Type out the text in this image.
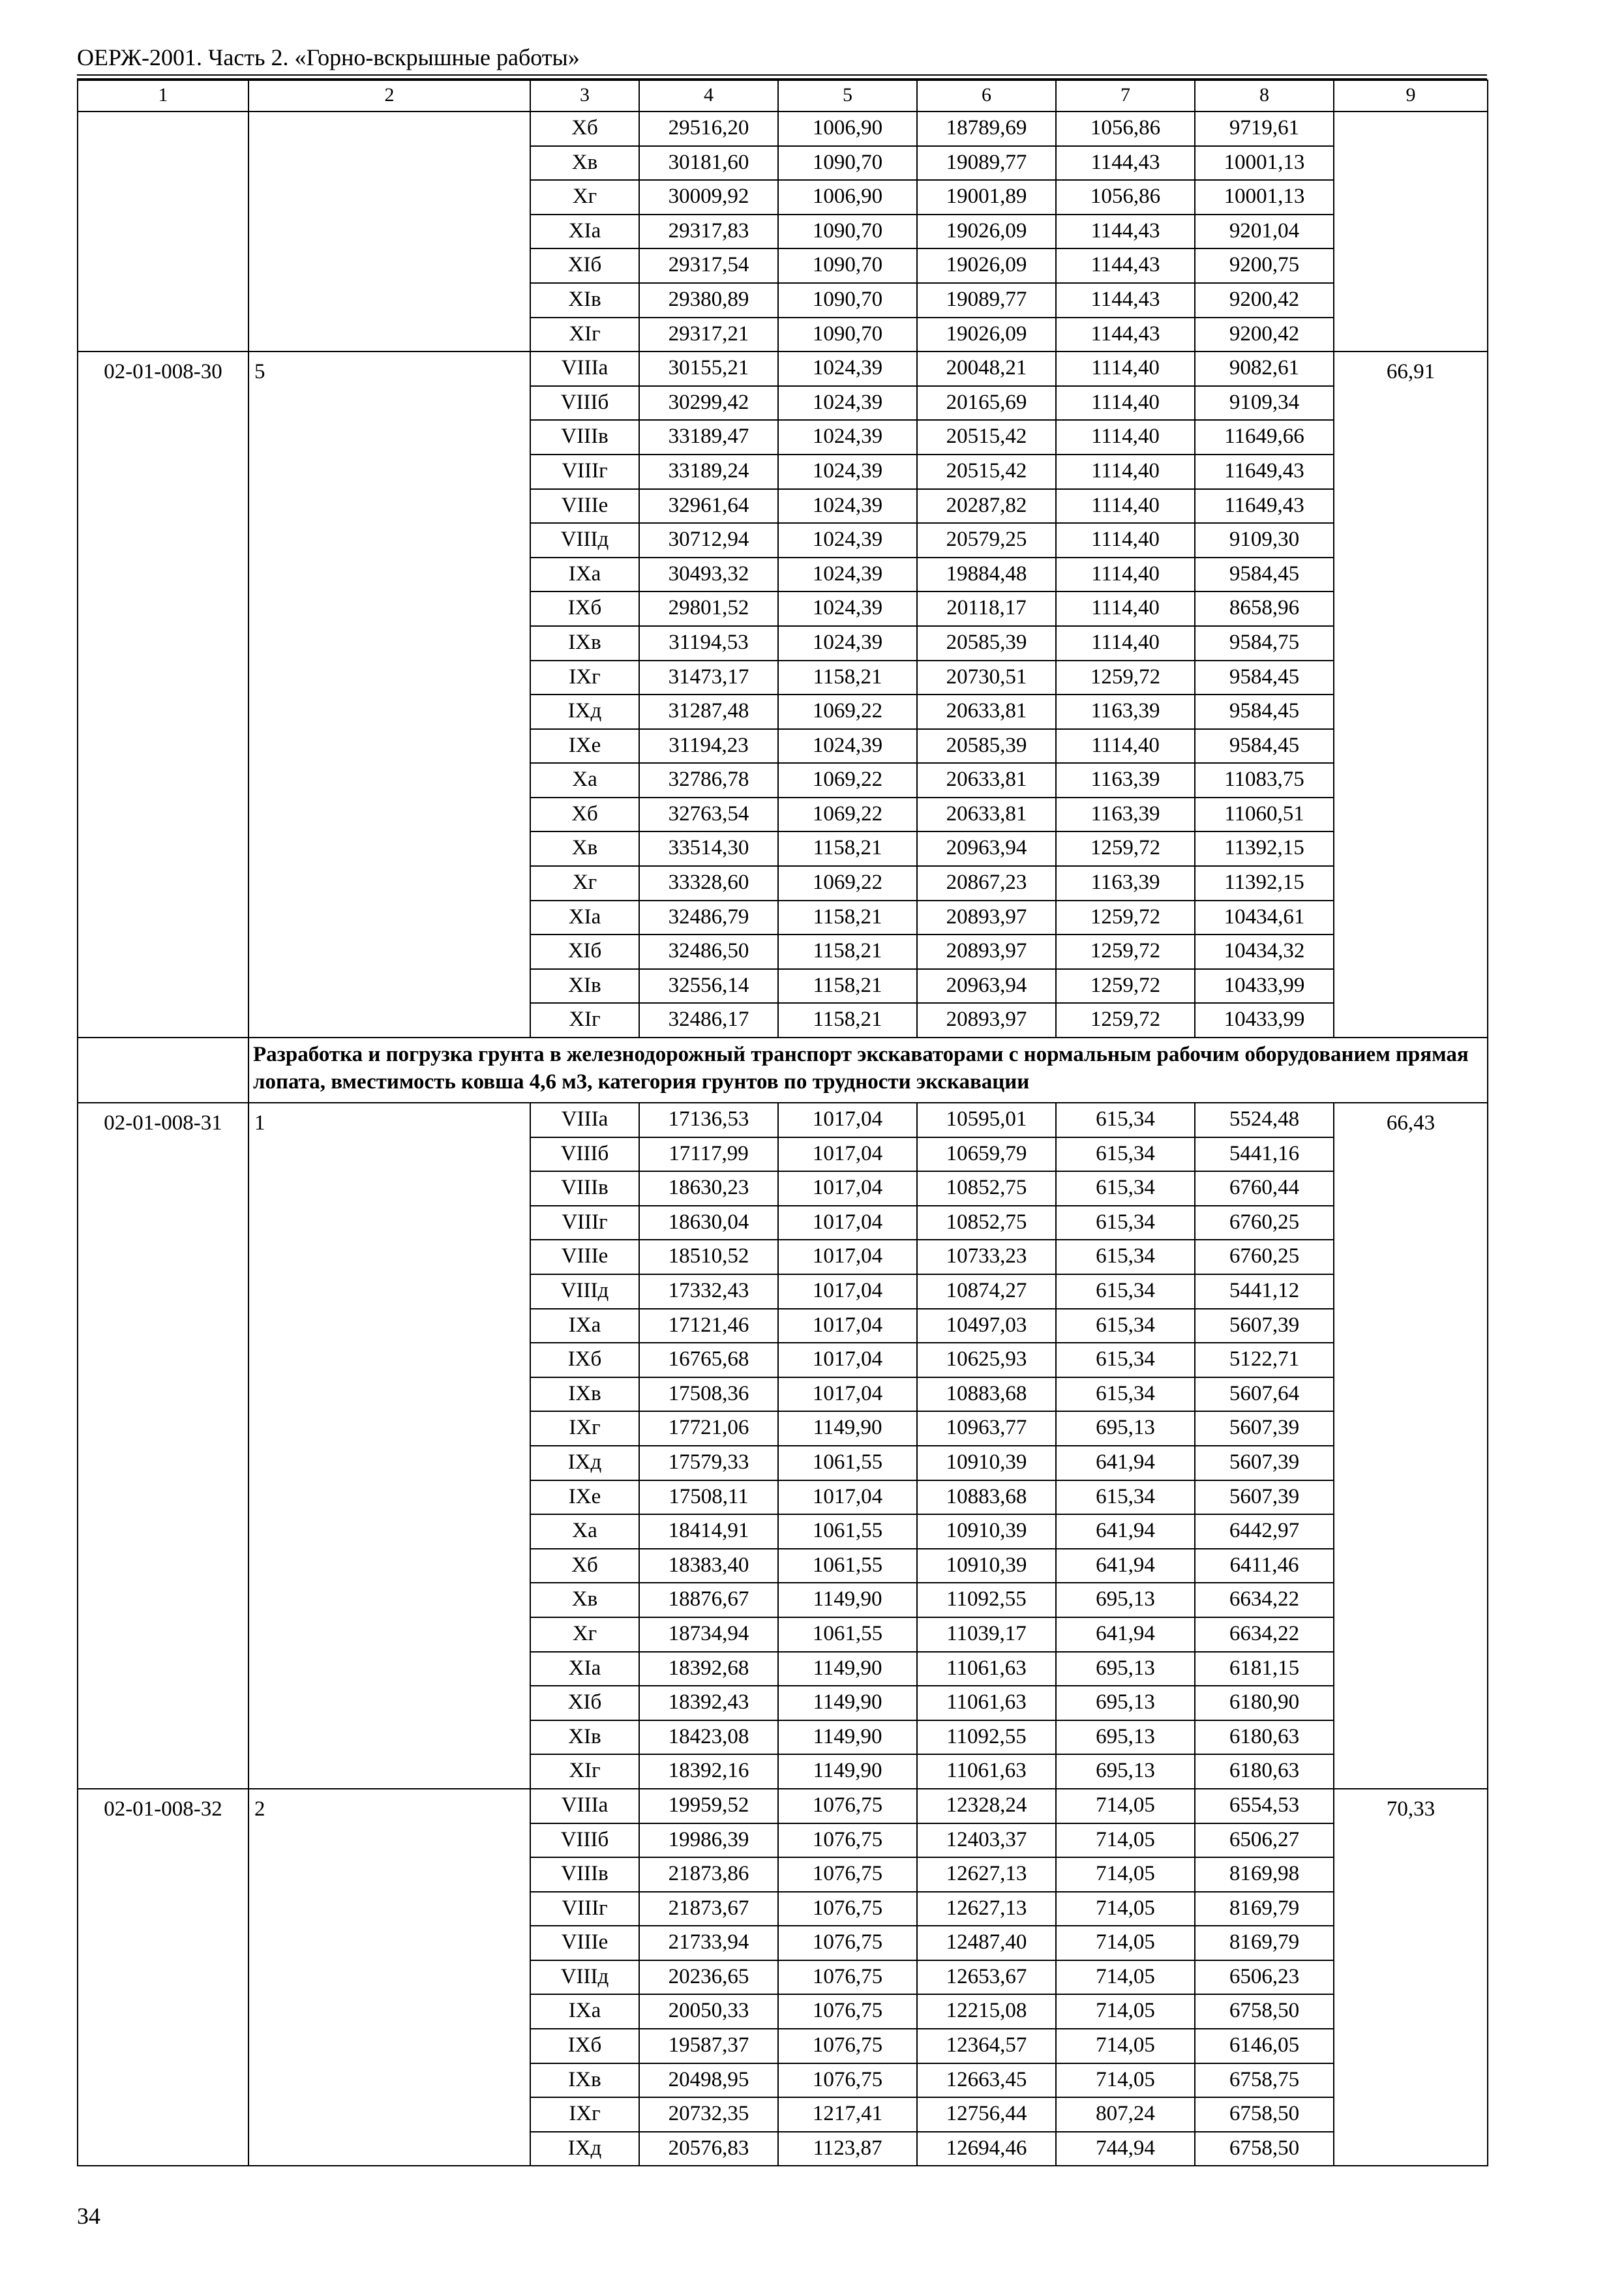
ОЕРЖ-2001. Часть 2. «Горно-вскрышные работы»
1	2	3	4	5	6	7	8	9
		Хб	29516,20	1006,90	18789,69	1056,86	9719,61	
		Хв	30181,60	1090,70	19089,77	1144,43	10001,13	
		Хг	30009,92	1006,90	19001,89	1056,86	10001,13	
		XIа	29317,83	1090,70	19026,09	1144,43	9201,04	
		XIб	29317,54	1090,70	19026,09	1144,43	9200,75	
		XIв	29380,89	1090,70	19089,77	1144,43	9200,42	
		XIг	29317,21	1090,70	19026,09	1144,43	9200,42	
02-01-008-30	5	VIIIа	30155,21	1024,39	20048,21	1114,40	9082,61	66,91
		VIIIб	30299,42	1024,39	20165,69	1114,40	9109,34	
		VIIIв	33189,47	1024,39	20515,42	1114,40	11649,66	
		VIIIг	33189,24	1024,39	20515,42	1114,40	11649,43	
		VIIIе	32961,64	1024,39	20287,82	1114,40	11649,43	
		VIIIд	30712,94	1024,39	20579,25	1114,40	9109,30	
		IXа	30493,32	1024,39	19884,48	1114,40	9584,45	
		IXб	29801,52	1024,39	20118,17	1114,40	8658,96	
		IXв	31194,53	1024,39	20585,39	1114,40	9584,75	
		IXг	31473,17	1158,21	20730,51	1259,72	9584,45	
		IXд	31287,48	1069,22	20633,81	1163,39	9584,45	
		IXе	31194,23	1024,39	20585,39	1114,40	9584,45	
		Ха	32786,78	1069,22	20633,81	1163,39	11083,75	
		Хб	32763,54	1069,22	20633,81	1163,39	11060,51	
		Хв	33514,30	1158,21	20963,94	1259,72	11392,15	
		Хг	33328,60	1069,22	20867,23	1163,39	11392,15	
		XIа	32486,79	1158,21	20893,97	1259,72	10434,61	
		XIб	32486,50	1158,21	20893,97	1259,72	10434,32	
		XIв	32556,14	1158,21	20963,94	1259,72	10433,99	
		XIг	32486,17	1158,21	20893,97	1259,72	10433,99	
	Разработка и погрузка грунта в железнодорожный транспорт экскаваторами с нормальным рабочим оборудованием прямая лопата, вместимость ковша 4,6 м3, категория грунтов по трудности экскавации							
02-01-008-31	1	VIIIа	17136,53	1017,04	10595,01	615,34	5524,48	66,43
		VIIIб	17117,99	1017,04	10659,79	615,34	5441,16	
		VIIIв	18630,23	1017,04	10852,75	615,34	6760,44	
		VIIIг	18630,04	1017,04	10852,75	615,34	6760,25	
		VIIIе	18510,52	1017,04	10733,23	615,34	6760,25	
		VIIIд	17332,43	1017,04	10874,27	615,34	5441,12	
		IXа	17121,46	1017,04	10497,03	615,34	5607,39	
		IXб	16765,68	1017,04	10625,93	615,34	5122,71	
		IXв	17508,36	1017,04	10883,68	615,34	5607,64	
		IXг	17721,06	1149,90	10963,77	695,13	5607,39	
		IXд	17579,33	1061,55	10910,39	641,94	5607,39	
		IXе	17508,11	1017,04	10883,68	615,34	5607,39	
		Ха	18414,91	1061,55	10910,39	641,94	6442,97	
		Хб	18383,40	1061,55	10910,39	641,94	6411,46	
		Хв	18876,67	1149,90	11092,55	695,13	6634,22	
		Хг	18734,94	1061,55	11039,17	641,94	6634,22	
		XIа	18392,68	1149,90	11061,63	695,13	6181,15	
		XIб	18392,43	1149,90	11061,63	695,13	6180,90	
		XIв	18423,08	1149,90	11092,55	695,13	6180,63	
		XIг	18392,16	1149,90	11061,63	695,13	6180,63	
02-01-008-32	2	VIIIа	19959,52	1076,75	12328,24	714,05	6554,53	70,33
		VIIIб	19986,39	1076,75	12403,37	714,05	6506,27	
		VIIIв	21873,86	1076,75	12627,13	714,05	8169,98	
		VIIIг	21873,67	1076,75	12627,13	714,05	8169,79	
		VIIIе	21733,94	1076,75	12487,40	714,05	8169,79	
		VIIIд	20236,65	1076,75	12653,67	714,05	6506,23	
		IXа	20050,33	1076,75	12215,08	714,05	6758,50	
		IXб	19587,37	1076,75	12364,57	714,05	6146,05	
		IXв	20498,95	1076,75	12663,45	714,05	6758,75	
		IXг	20732,35	1217,41	12756,44	807,24	6758,50	
		IXд	20576,83	1123,87	12694,46	744,94	6758,50	
34
